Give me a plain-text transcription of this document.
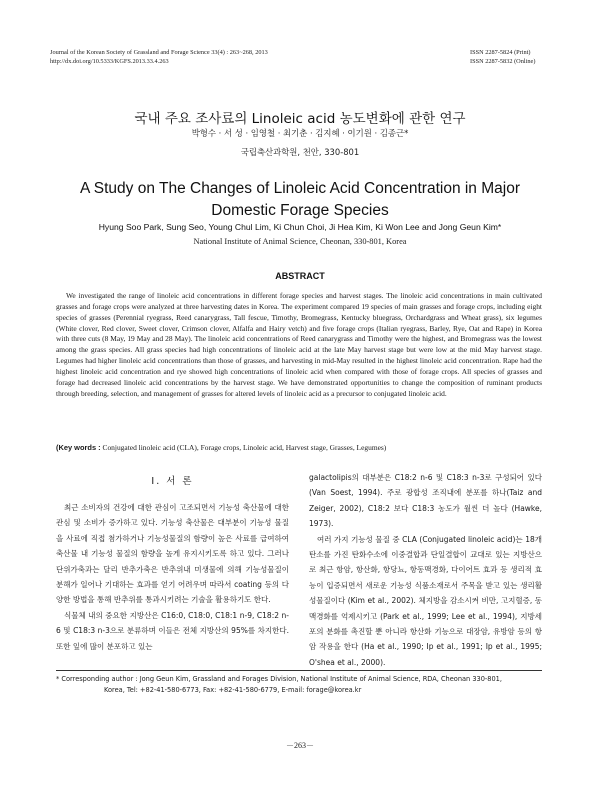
Journal of the Korean Society of Grassland and Forage Science 33(4) : 263~268, 2013
http://dx.doi.org/10.5333/KGFS.2013.33.4.263
ISSN 2287-5824 (Print)
ISSN 2287-5832 (Online)
국내 주요 조사료의 Linoleic acid 농도변화에 관한 연구
박형수 · 서 성 · 임영철 · 최기춘 · 김지혜 · 이기원 · 김종근*
국립축산과학원, 천안, 330-801
A Study on The Changes of Linoleic Acid Concentration in Major
Domestic Forage Species
Hyung Soo Park, Sung Seo, Young Chul Lim, Ki Chun Choi, Ji Hea Kim, Ki Won Lee and Jong Geun Kim*
National Institute of Animal Science, Cheonan, 330-801, Korea
ABSTRACT

We investigated the range of linoleic acid concentrations in different forage species and harvest stages. The linoleic acid concentrations in main cultivated grasses and forage crops were analyzed at three harvesting dates in Korea. The experiment compared 19 species of main grasses and forage crops, including eight species of grasses (Perennial ryegrass, Reed canarygrass, Tall fescue, Timothy, Bromegrass, Kentucky bluegrass, Orchardgrass and Wheat grass), six legumes (White clover, Red clover, Sweet clover, Crimson clover, Alfalfa and Hairy vetch) and five forage crops (Italian ryegrass, Barley, Rye, Oat and Rape) in Korea with three cuts (8 May, 19 May and 28 May). The linoleic acid concentrations of Reed canarygrass and Timothy were the highest, and Bromegrass was the lowest among the grass species. All grass species had high concentrations of linoleic acid at the late May harvest stage but were low at the mid May harvest stage. Legumes had higher linoleic acid concentrations than those of grasses, and harvesting in mid-May resulted in the highest linoleic acid concentration. Rape had the highest linoleic acid concentration and rye showed high concentrations of linoleic acid when compared with those of forage crops. All species of grasses and forage had decreased linoleic acid concentrations by the harvest stage. We have demonstrated opportunities to change the composition of ruminant products through breeding, selection, and management of grasses for altered levels of linoleic acid as a precursor to conjugated linoleic acid.

(Key words : Conjugated linoleic acid (CLA), Forage crops, Linoleic acid, Harvest stage, Grasses, Legumes)
Ⅰ. 서 론

최근 소비자의 건강에 대한 관심이 고조되면서 기능성 축산물에 대한 관심 및 소비가 증가하고 있다. 기능성 축산물은 대부분이 기능성 물질을 사료에 직접 첨가하거나 기능성물질의 함량이 높은 사료를 급여하여 축산물 내 기능성 물질의 함량을 높게 유지시키도록 하고 있다. 그러나 단위가축과는 달리 반추가축은 반추위내 미생물에 의해 기능성물질이 분해가 일어나 기대하는 효과를 얻기 어려우며 따라서 coating 등의 다양한 방법을 통해 반추위를 통과시키려는 기술을 활용하기도 한다.

식물체 내의 중요한 지방산은 C16:0, C18:0, C18:1 n-9, C18:2 n-6 및 C18:3 n-3으로 분류하며 이들은 전체 지방산의 95%를 차지한다. 또한 잎에 많이 분포하고 있는

galactolipis의 대부분은 C18:2 n-6 및 C18:3 n-3로 구성되어 있다 (Van Soest, 1994). 주로 광합성 조직내에 분포를 하나(Taiz and Zeiger, 2002), C18:2 보다 C18:3 농도가 월씬 더 높다 (Hawke, 1973).

여러 가지 기능성 물질 중 CLA (Conjugated linoleic acid)는 18개 탄소를 가진 탄화수소에 이중결합과 단일결합이 교대로 있는 지방산으로 최근 항암, 항산화, 항당뇨, 항동맥경화, 다이어트 효과 등 생리적 효능이 입증되면서 새로운 기능성 식품소재로서 주목을 받고 있는 생리활성물질이다 (Kim et al., 2002). 체지방을 감소시켜 비만, 고지혈증, 동맥경화를 억제시키고 (Park et al., 1999; Lee et al., 1994), 지방세포의 분화를 촉진할 뿐 아니라 항산화 기능으로 대장암, 유방암 등의 항암 작용을 한다 (Ha et al., 1990; Ip et al., 1991; Ip et al., 1995; O'shea et al., 2000).

* Corresponding author : Jong Geun Kim, Grassland and Forages Division, National Institute of Animal Science, RDA, Cheonan 330-801,
Korea, Tel: +82-41-580-6773, Fax: +82-41-580-6779, E-mail: forage@korea.kr
－263－
